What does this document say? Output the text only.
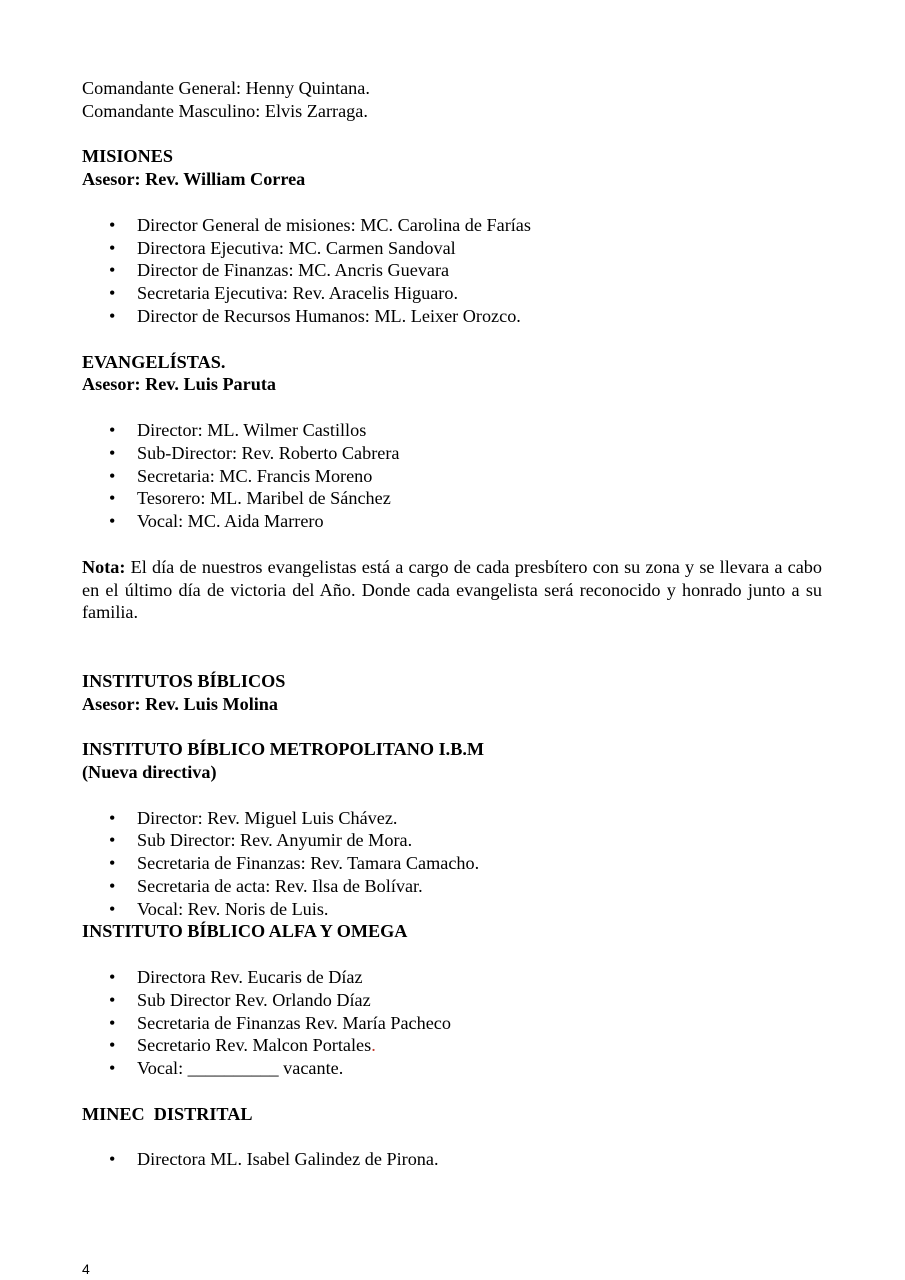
Comandante General: Henny Quintana.
Comandante Masculino: Elvis Zarraga.
MISIONES
Asesor: Rev. William Correa
• Director General de misiones: MC. Carolina de Farías
• Directora Ejecutiva: MC. Carmen Sandoval
• Director de Finanzas: MC. Ancris Guevara
• Secretaria Ejecutiva: Rev. Aracelis Higuaro.
• Director de Recursos Humanos: ML. Leixer Orozco.
EVANGELÍSTAS.
Asesor: Rev. Luis Paruta
• Director: ML. Wilmer Castillos
• Sub-Director: Rev. Roberto Cabrera
• Secretaria: MC. Francis Moreno
• Tesorero: ML. Maribel de Sánchez
• Vocal: MC. Aida Marrero
Nota: El día de nuestros evangelistas está a cargo de cada presbítero con su zona y se llevara a cabo en el último día de victoria del Año. Donde cada evangelista será reconocido y honrado junto a su familia.
INSTITUTOS BÍBLICOS
Asesor: Rev. Luis Molina
INSTITUTO BÍBLICO METROPOLITANO I.B.M
(Nueva directiva)
• Director: Rev. Miguel Luis Chávez.
• Sub Director: Rev. Anyumir de Mora.
• Secretaria de Finanzas: Rev. Tamara Camacho.
• Secretaria de acta: Rev. Ilsa de Bolívar.
• Vocal: Rev. Noris de Luis.
INSTITUTO BÍBLICO ALFA Y OMEGA
• Directora Rev. Eucaris de Díaz
• Sub Director Rev. Orlando Díaz
• Secretaria de Finanzas Rev. María Pacheco
• Secretario Rev. Malcon Portales.
• Vocal: __________ vacante.
MINEC  DISTRITAL
• Directora ML. Isabel Galindez de Pirona.
4
